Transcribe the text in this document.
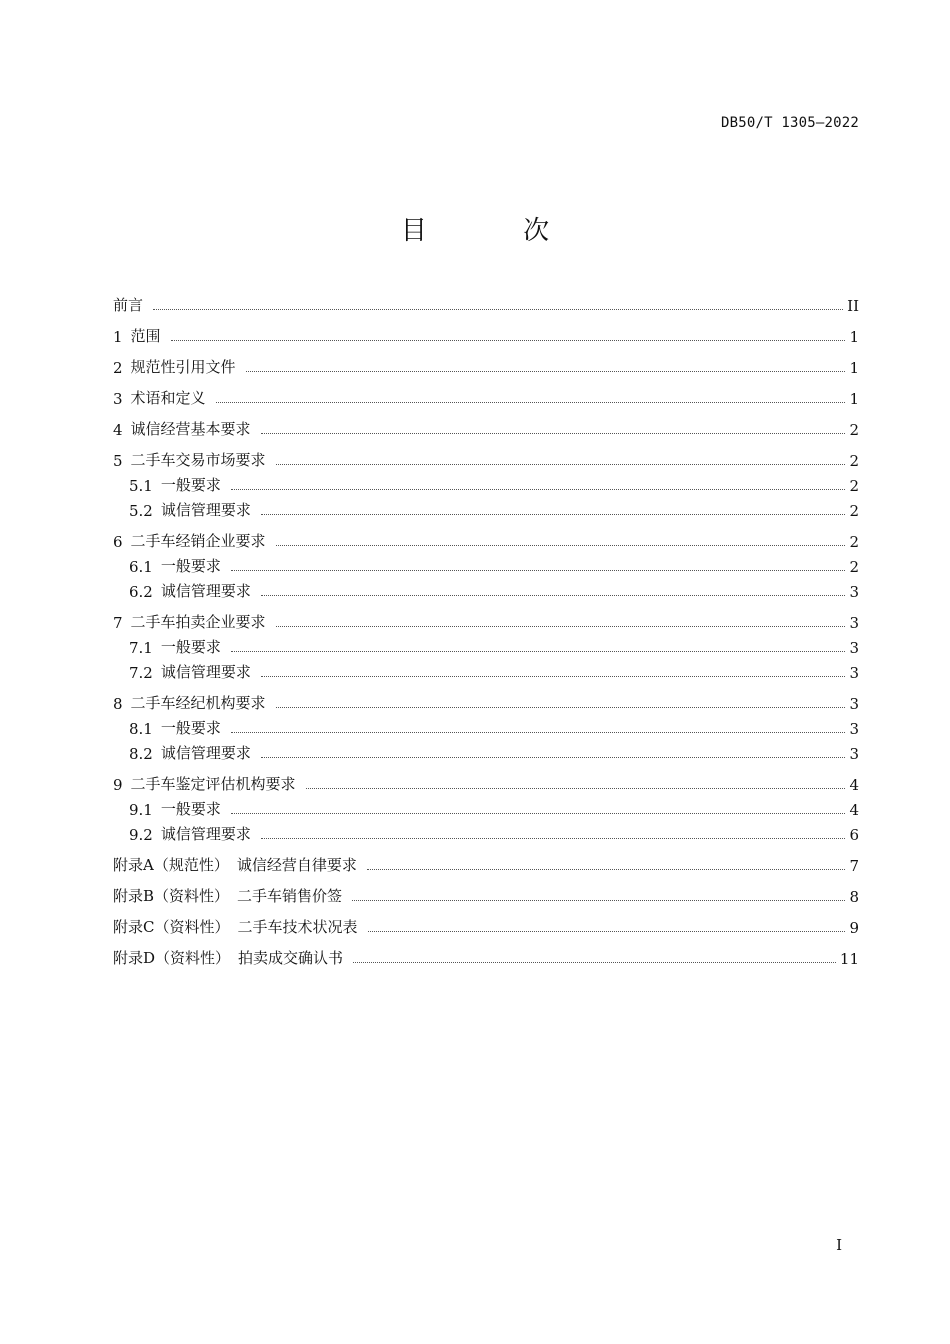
DB50/T 1305—2022
目 次
前言	II
1 范围	1
2 规范性引用文件	1
3 术语和定义	1
4 诚信经营基本要求	2
5 二手车交易市场要求	2
5.1 一般要求	2
5.2 诚信管理要求	2
6 二手车经销企业要求	2
6.1 一般要求	2
6.2 诚信管理要求	3
7 二手车拍卖企业要求	3
7.1 一般要求	3
7.2 诚信管理要求	3
8 二手车经纪机构要求	3
8.1 一般要求	3
8.2 诚信管理要求	3
9 二手车鉴定评估机构要求	4
9.1 一般要求	4
9.2 诚信管理要求	6
附录A（规范性） 诚信经营自律要求	7
附录B（资料性） 二手车销售价签	8
附录C（资料性） 二手车技术状况表	9
附录D（资料性） 拍卖成交确认书	11
I
